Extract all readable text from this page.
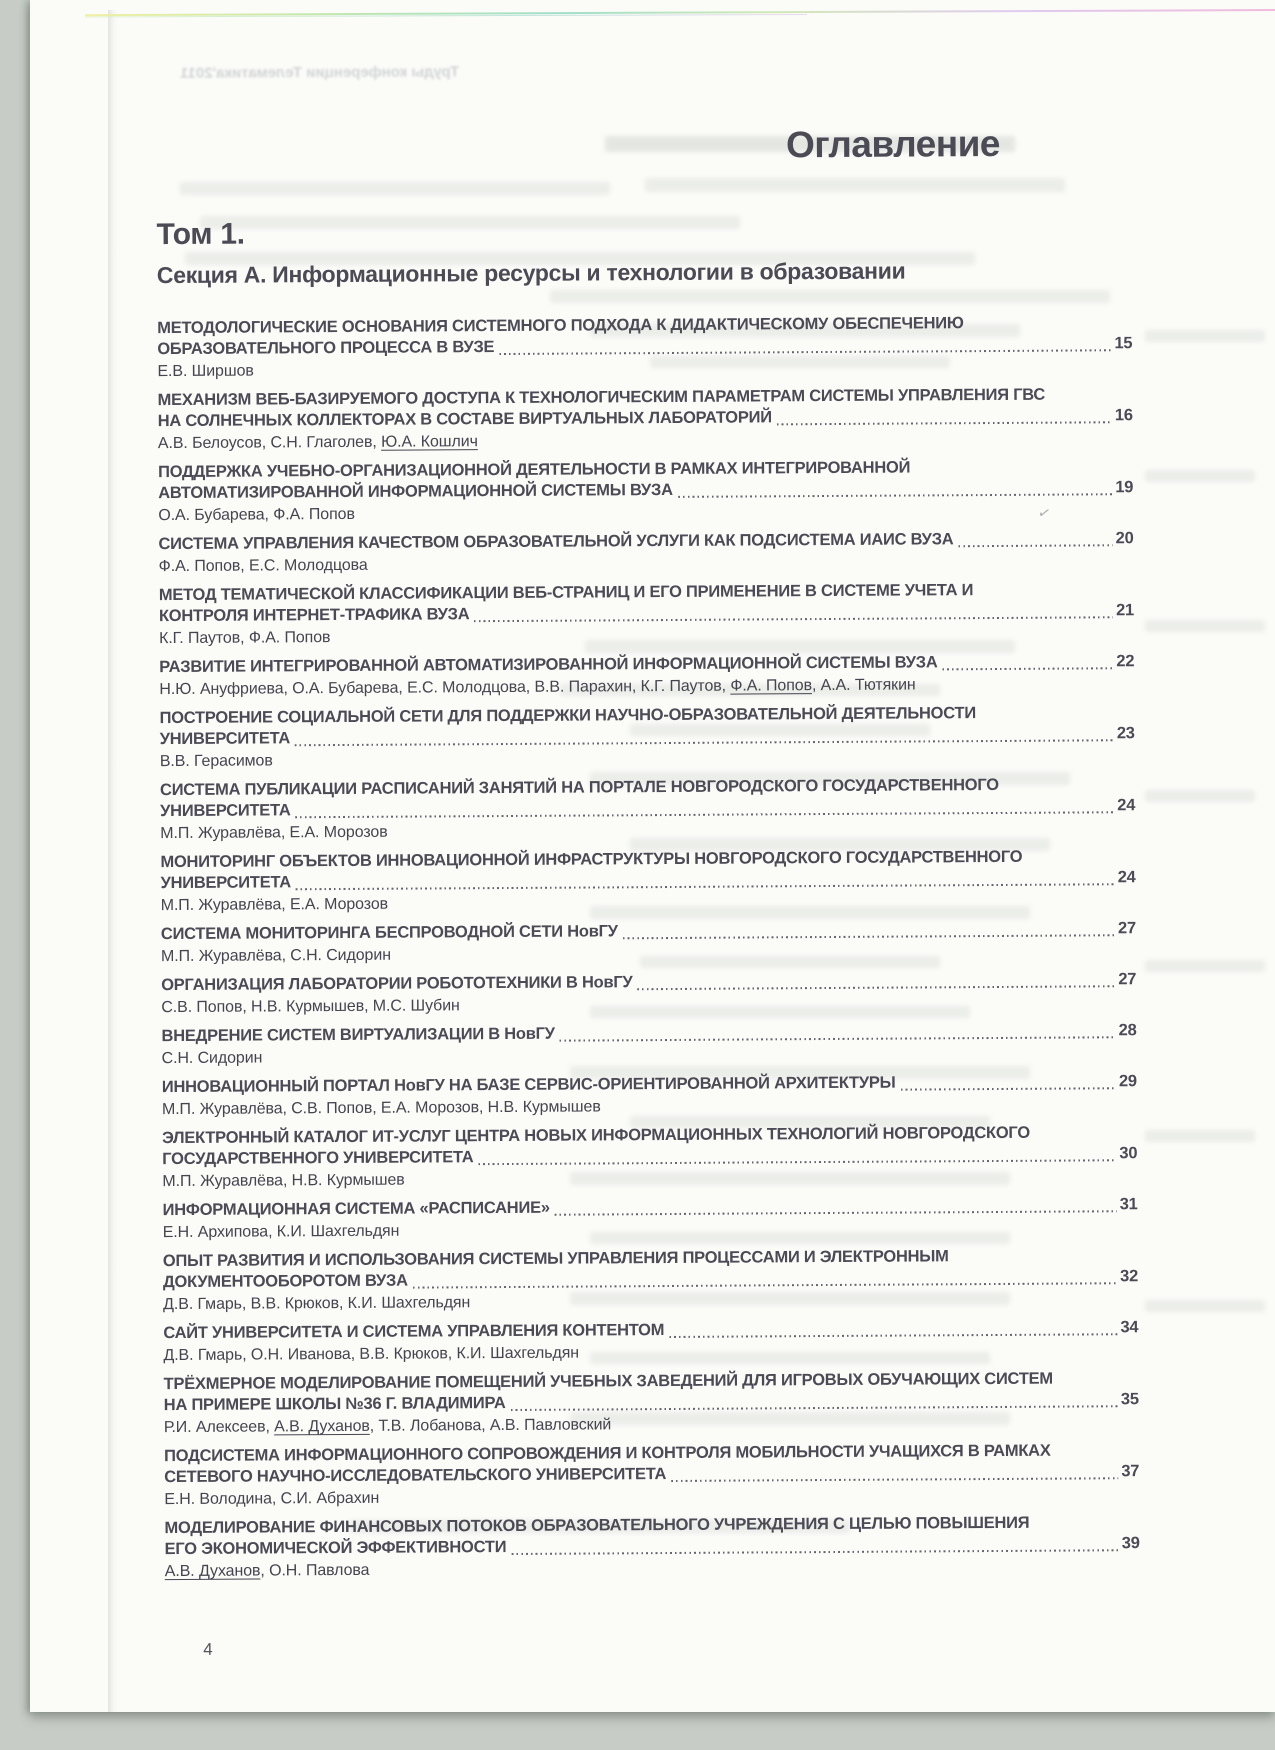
Труды конференции Телематика'2011
✓
Оглавление
Том 1.
Секция А. Информационные ресурсы и технологии в образовании
МЕТОДОЛОГИЧЕСКИЕ ОСНОВАНИЯ СИСТЕМНОГО ПОДХОДА К ДИДАКТИЧЕСКОМУ ОБЕСПЕЧЕНИЮ
ОБРАЗОВАТЕЛЬНОГО ПРОЦЕССА В ВУЗЕ	15
Е.В. Ширшов
МЕХАНИЗМ ВЕБ-БАЗИРУЕМОГО ДОСТУПА К ТЕХНОЛОГИЧЕСКИМ ПАРАМЕТРАМ СИСТЕМЫ УПРАВЛЕНИЯ ГВС
НА СОЛНЕЧНЫХ КОЛЛЕКТОРАХ В СОСТАВЕ ВИРТУАЛЬНЫХ ЛАБОРАТОРИЙ	16
А.В. Белоусов, С.Н. Глаголев, Ю.А. Кошлич
ПОДДЕРЖКА УЧЕБНО-ОРГАНИЗАЦИОННОЙ ДЕЯТЕЛЬНОСТИ В РАМКАХ ИНТЕГРИРОВАННОЙ
АВТОМАТИЗИРОВАННОЙ ИНФОРМАЦИОННОЙ СИСТЕМЫ ВУЗА	19
О.А. Бубарева, Ф.А. Попов
СИСТЕМА УПРАВЛЕНИЯ КАЧЕСТВОМ ОБРАЗОВАТЕЛЬНОЙ УСЛУГИ КАК ПОДСИСТЕМА ИАИС ВУЗА	20
Ф.А. Попов, Е.С. Молодцова
МЕТОД ТЕМАТИЧЕСКОЙ КЛАССИФИКАЦИИ ВЕБ-СТРАНИЦ И ЕГО ПРИМЕНЕНИЕ В СИСТЕМЕ УЧЕТА И
КОНТРОЛЯ ИНТЕРНЕТ-ТРАФИКА ВУЗА	21
К.Г. Паутов, Ф.А. Попов
РАЗВИТИЕ ИНТЕГРИРОВАННОЙ АВТОМАТИЗИРОВАННОЙ ИНФОРМАЦИОННОЙ СИСТЕМЫ ВУЗА	22
Н.Ю. Ануфриева, О.А. Бубарева, Е.С. Молодцова, В.В. Парахин, К.Г. Паутов, Ф.А. Попов, А.А. Тютякин
ПОСТРОЕНИЕ СОЦИАЛЬНОЙ СЕТИ ДЛЯ ПОДДЕРЖКИ НАУЧНО-ОБРАЗОВАТЕЛЬНОЙ ДЕЯТЕЛЬНОСТИ
УНИВЕРСИТЕТА	23
В.В. Герасимов
СИСТЕМА ПУБЛИКАЦИИ РАСПИСАНИЙ ЗАНЯТИЙ НА ПОРТАЛЕ НОВГОРОДСКОГО ГОСУДАРСТВЕННОГО
УНИВЕРСИТЕТА	24
М.П. Журавлёва, Е.А. Морозов
МОНИТОРИНГ ОБЪЕКТОВ ИННОВАЦИОННОЙ ИНФРАСТРУКТУРЫ НОВГОРОДСКОГО ГОСУДАРСТВЕННОГО
УНИВЕРСИТЕТА	24
М.П. Журавлёва, Е.А. Морозов
СИСТЕМА МОНИТОРИНГА БЕСПРОВОДНОЙ СЕТИ НовГУ	27
М.П. Журавлёва, С.Н. Сидорин
ОРГАНИЗАЦИЯ ЛАБОРАТОРИИ РОБОТОТЕХНИКИ В НовГУ	27
С.В. Попов, Н.В. Курмышев, М.С. Шубин
ВНЕДРЕНИЕ СИСТЕМ ВИРТУАЛИЗАЦИИ В НовГУ	28
С.Н. Сидорин
ИННОВАЦИОННЫЙ ПОРТАЛ НовГУ НА БАЗЕ СЕРВИС-ОРИЕНТИРОВАННОЙ АРХИТЕКТУРЫ	29
М.П. Журавлёва, С.В. Попов, Е.А. Морозов, Н.В. Курмышев
ЭЛЕКТРОННЫЙ КАТАЛОГ ИТ-УСЛУГ ЦЕНТРА НОВЫХ ИНФОРМАЦИОННЫХ ТЕХНОЛОГИЙ НОВГОРОДСКОГО
ГОСУДАРСТВЕННОГО УНИВЕРСИТЕТА	30
М.П. Журавлёва, Н.В. Курмышев
ИНФОРМАЦИОННАЯ СИСТЕМА «РАСПИСАНИЕ»	31
Е.Н. Архипова, К.И. Шахгельдян
ОПЫТ РАЗВИТИЯ И ИСПОЛЬЗОВАНИЯ СИСТЕМЫ УПРАВЛЕНИЯ ПРОЦЕССАМИ И ЭЛЕКТРОННЫМ
ДОКУМЕНТООБОРОТОМ ВУЗА	32
Д.В. Гмарь, В.В. Крюков, К.И. Шахгельдян
САЙТ УНИВЕРСИТЕТА И СИСТЕМА УПРАВЛЕНИЯ КОНТЕНТОМ	34
Д.В. Гмарь, О.Н. Иванова, В.В. Крюков, К.И. Шахгельдян
ТРЁХМЕРНОЕ МОДЕЛИРОВАНИЕ ПОМЕЩЕНИЙ УЧЕБНЫХ ЗАВЕДЕНИЙ ДЛЯ ИГРОВЫХ ОБУЧАЮЩИХ СИСТЕМ
НА ПРИМЕРЕ ШКОЛЫ №36 Г. ВЛАДИМИРА	35
Р.И. Алексеев, А.В. Духанов, Т.В. Лобанова, А.В. Павловский
ПОДСИСТЕМА ИНФОРМАЦИОННОГО СОПРОВОЖДЕНИЯ И КОНТРОЛЯ МОБИЛЬНОСТИ УЧАЩИХСЯ В РАМКАХ
СЕТЕВОГО НАУЧНО-ИССЛЕДОВАТЕЛЬСКОГО УНИВЕРСИТЕТА	37
Е.Н. Володина, С.И. Абрахин
МОДЕЛИРОВАНИЕ ФИНАНСОВЫХ ПОТОКОВ ОБРАЗОВАТЕЛЬНОГО УЧРЕЖДЕНИЯ С ЦЕЛЬЮ ПОВЫШЕНИЯ
ЕГО ЭКОНОМИЧЕСКОЙ ЭФФЕКТИВНОСТИ	39
А.В. Духанов, О.Н. Павлова
4
